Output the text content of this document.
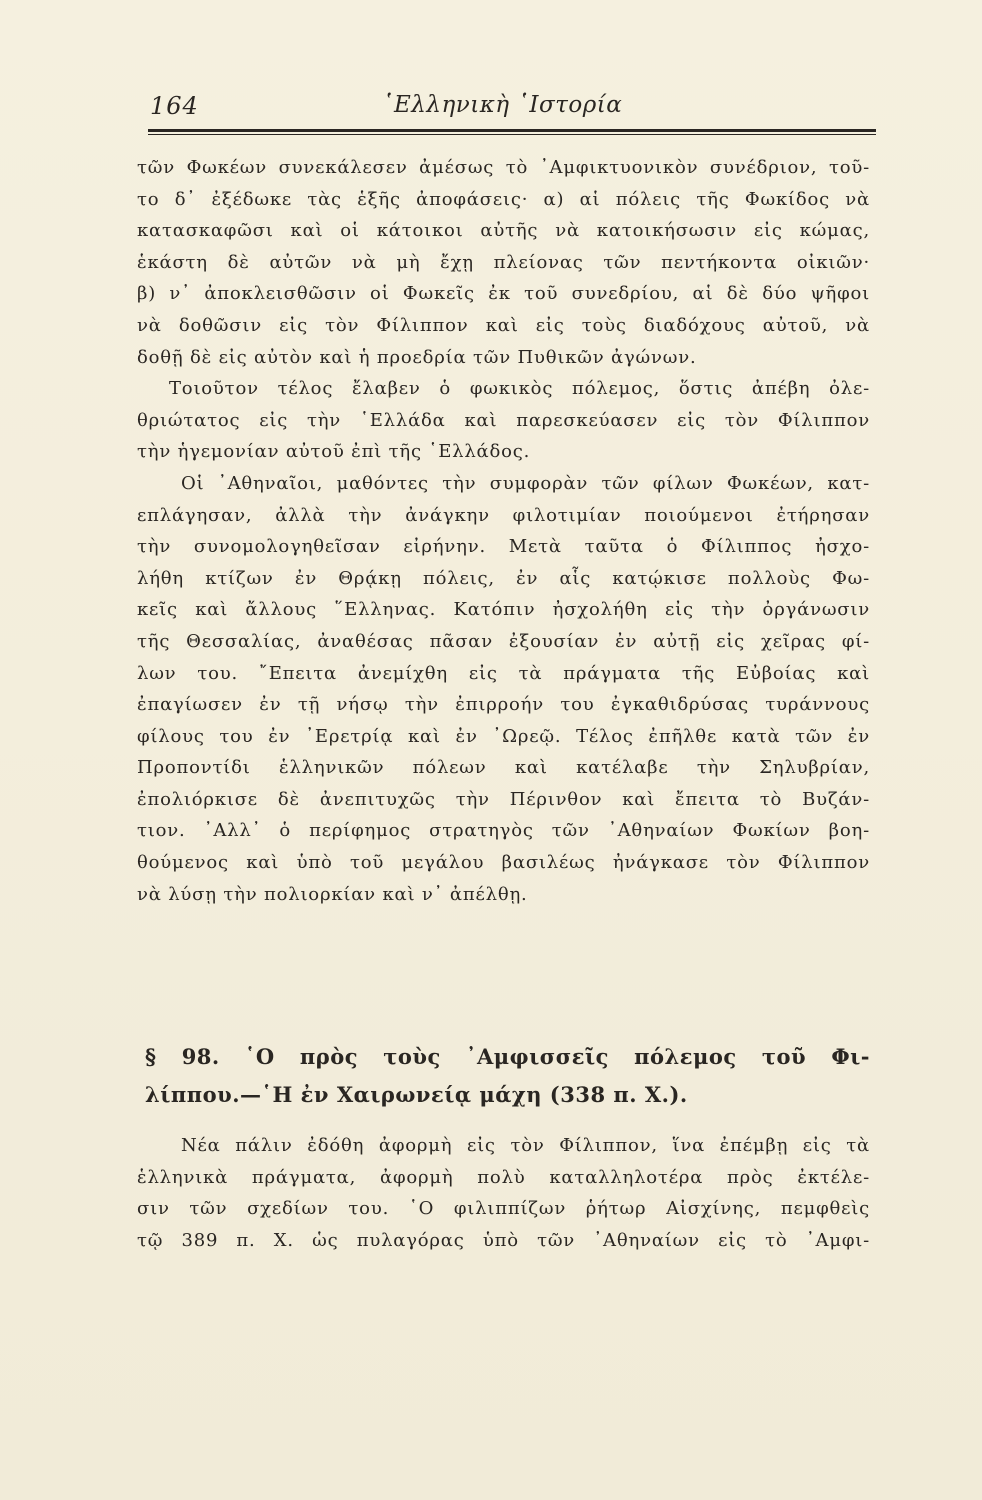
164	῾Ελληνικὴ ῾Ιστορία
τῶν Φωκέων συνεκάλεσεν ἀμέσως τὸ ᾿Αμφικτυονικὸν συνέδριον, τοῦ-
το δ᾿ ἐξέδωκε τὰς ἑξῆς ἀποφάσεις· α) αἱ πόλεις τῆς Φωκίδος νὰ
κατασκαφῶσι καὶ οἱ κάτοικοι αὐτῆς νὰ κατοικήσωσιν εἰς κώμας,
ἑκάστη δὲ αὐτῶν νὰ μὴ ἔχῃ πλείονας τῶν πεντήκοντα οἰκιῶν·
β) ν᾿ ἀποκλεισθῶσιν οἱ Φωκεῖς ἐκ τοῦ συνεδρίου, αἱ δὲ δύο ψῆφοι
νὰ δοθῶσιν εἰς τὸν Φίλιππον καὶ εἰς τοὺς διαδόχους αὐτοῦ, νὰ
δοθῇ δὲ εἰς αὐτὸν καὶ ἡ προεδρία τῶν Πυθικῶν ἀγώνων.
Τοιοῦτον τέλος ἔλαβεν ὁ φωκικὸς πόλεμος, ὅστις ἀπέβη ὀλε-
θριώτατος εἰς τὴν ῾Ελλάδα καὶ παρεσκεύασεν εἰς τὸν Φίλιππον
τὴν ἡγεμονίαν αὐτοῦ ἐπὶ τῆς ῾Ελλάδος.
Οἱ ᾿Αθηναῖοι, μαθόντες τὴν συμφορὰν τῶν φίλων Φωκέων, κατ-
επλάγησαν, ἀλλὰ τὴν ἀνάγκην φιλοτιμίαν ποιούμενοι ἐτήρησαν
τὴν συνομολογηθεῖσαν εἰρήνην. Μετὰ ταῦτα ὁ Φίλιππος ἠσχο-
λήθη κτίζων ἐν Θρᾴκῃ πόλεις, ἐν αἷς κατῴκισε πολλοὺς Φω-
κεῖς καὶ ἄλλους ῞Ελληνας. Κατόπιν ἠσχολήθη εἰς τὴν ὀργάνωσιν
τῆς Θεσσαλίας, ἀναθέσας πᾶσαν ἐξουσίαν ἐν αὐτῇ εἰς χεῖρας φί-
λων του. ῎Επειτα ἀνεμίχθη εἰς τὰ πράγματα τῆς Εὐβοίας καὶ
ἐπαγίωσεν ἐν τῇ νήσῳ τὴν ἐπιρροήν του ἐγκαθιδρύσας τυράννους
φίλους του ἐν ᾿Ερετρίᾳ καὶ ἐν ᾿Ωρεῷ. Τέλος ἐπῆλθε κατὰ τῶν ἐν
Προποντίδι ἑλληνικῶν πόλεων καὶ κατέλαβε τὴν Σηλυβρίαν,
ἐπολιόρκισε δὲ ἀνεπιτυχῶς τὴν Πέρινθον καὶ ἔπειτα τὸ Βυζάν-
τιον. ᾿Αλλ᾿ ὁ περίφημος στρατηγὸς τῶν ᾿Αθηναίων Φωκίων βοη-
θούμενος καὶ ὑπὸ τοῦ μεγάλου βασιλέως ἠνάγκασε τὸν Φίλιππον
νὰ λύσῃ τὴν πολιορκίαν καὶ ν᾿ ἀπέλθῃ.
§ 98. ῾Ο πρὸς τοὺς ᾿Αμφισσεῖς πόλεμος τοῦ Φι-
λίππου.—῾Η ἐν Χαιρωνείᾳ μάχη (338 π. Χ.).
Νέα πάλιν ἐδόθη ἀφορμὴ εἰς τὸν Φίλιππον, ἵνα ἐπέμβῃ εἰς τὰ
ἑλληνικὰ πράγματα, ἀφορμὴ πολὺ καταλληλοτέρα πρὸς ἐκτέλε-
σιν τῶν σχεδίων του. ῾Ο φιλιππίζων ῥήτωρ Αἰσχίνης, πεμφθεὶς
τῷ 389 π. Χ. ὡς πυλαγόρας ὑπὸ τῶν ᾿Αθηναίων εἰς τὸ ᾿Αμφι-
